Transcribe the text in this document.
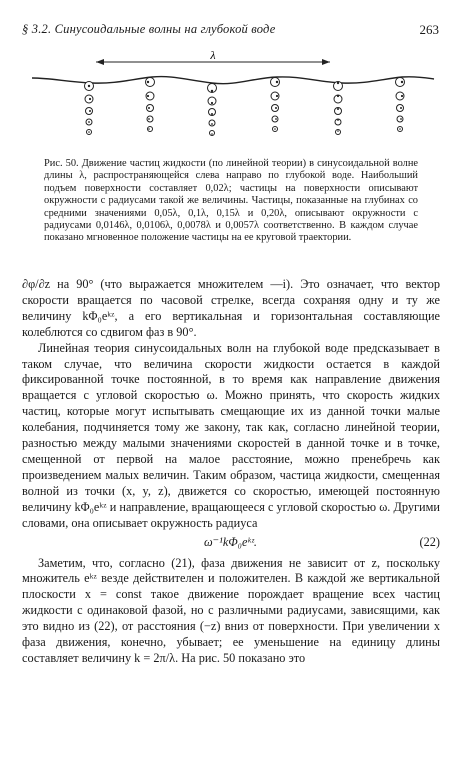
§ 3.2. Синусоидальные волны на глубокой воде	263
λ

Рис. 50. Движение частиц жидкости (по линейной теории) в синусоидальной волне длины λ, распространяющейся слева направо по глубокой воде. Наибольший подъем поверхности составляет 0,02λ; частицы на поверхности описывают окружности с радиусами такой же величины. Частицы, показанные на глубинах со средними значениями 0,05λ, 0,1λ, 0,15λ и 0,20λ, описывают окружности с радиусами 0,0146λ, 0,0106λ, 0,0078λ и 0,0057λ соответственно. В каждом случае показано мгновенное положение частицы на ее круговой траектории.

∂φ/∂z на 90° (что выражается множителем —i). Это означает, что вектор скорости вращается по часовой стрелке, всегда сохраняя одну и ту же величину kΦ₀eᵏᶻ, а его вертикальная и горизонтальная составляющие колеблются со сдвигом фаз в 90°.

Линейная теория синусоидальных волн на глубокой воде предсказывает в таком случае, что величина скорости жидкости остается в каждой фиксированной точке постоянной, в то время как направление движения вращается с угловой скоростью ω. Можно принять, что скорость жидких частиц, которые могут испытывать смещающие их из данной точки малые колебания, подчиняется тому же закону, так как, согласно линейной теории, разностью между малыми значениями скоростей в данной точке и в точке, смещенной от первой на малое расстояние, можно пренебречь как произведением малых величин. Таким образом, частица жидкости, смещенная волной из точки (x, y, z), движется со скоростью, имеющей постоянную величину kΦ₀eᵏᶻ и направление, вращающееся с угловой скоростью ω. Другими словами, она описывает окружность радиуса

ω⁻¹kΦ₀eᵏᶻ.	(22)

Заметим, что, согласно (21), фаза движения не зависит от z, поскольку множитель eᵏᶻ везде действителен и положителен. В каждой же вертикальной плоскости x = const такое движение порождает вращение всех частиц жидкости с одинаковой фазой, но с различными радиусами, зависящими, как это видно из (22), от расстояния (−z) вниз от поверхности. При увеличении x фаза движения, конечно, убывает; ее уменьшение на единицу длины составляет величину k = 2π/λ. На рис. 50 показано это
